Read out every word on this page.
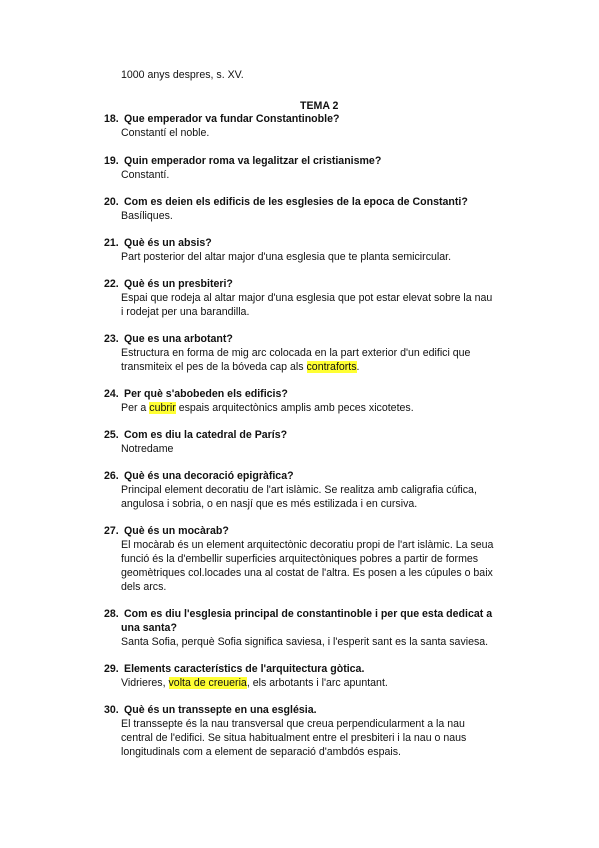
1000 anys despres, s. XV.
TEMA 2
18. Que emperador va fundar Constantinoble?
Constantí el noble.
19. Quin emperador roma va legalitzar el cristianisme?
Constantí.
20. Com es deien els edificis de les esglesies de la epoca de Constanti?
Basíliques.
21. Què és un absis?
Part posterior del altar major d'una esglesia que te planta semicircular.
22. Què és un presbiteri?
Espai que rodeja al altar major d'una esglesia que pot estar elevat sobre la nau
i rodejat per una barandilla.
23. Que es una arbotant?
Estructura en forma de mig arc colocada en la part exterior d'un edifici que
transmiteix el pes de la bóveda cap als contraforts.
24. Per què s'abobeden els edificis?
Per a cubrir espais arquitectònics amplis amb peces xicotetes.
25. Com es diu la catedral de París?
Notredame
26. Què és una decoració epigràfica?
Principal element decoratiu de l'art islàmic. Se realitza amb caligrafia cúfica,
angulosa i sobria, o en nasjí que es més estilizada i en cursiva.
27. Què és un mocàrab?
El mocàrab és un element arquitectònic decoratiu propi de l'art islàmic. La seua
funció és la d'embellir superficies arquitectòniques pobres a partir de formes
geomètriques col.locades una al costat de l'altra. Es posen a les cúpules o baix
dels arcs.
28. Com es diu l'esglesia principal de constantinoble i per que esta dedicat a
una santa?
Santa Sofia, perquè Sofia significa saviesa, i l'esperit sant es la santa saviesa.
29. Elements característics de l'arquitectura gòtica.
Vidrieres, volta de creueria, els arbotants i l'arc apuntant.
30. Què és un transsepte en una església.
El transsepte és la nau transversal que creua perpendicularment a la nau
central de l'edifici. Se situa habitualment entre el presbiteri i la nau o naus
longitudinals com a element de separació d'ambdós espais.
